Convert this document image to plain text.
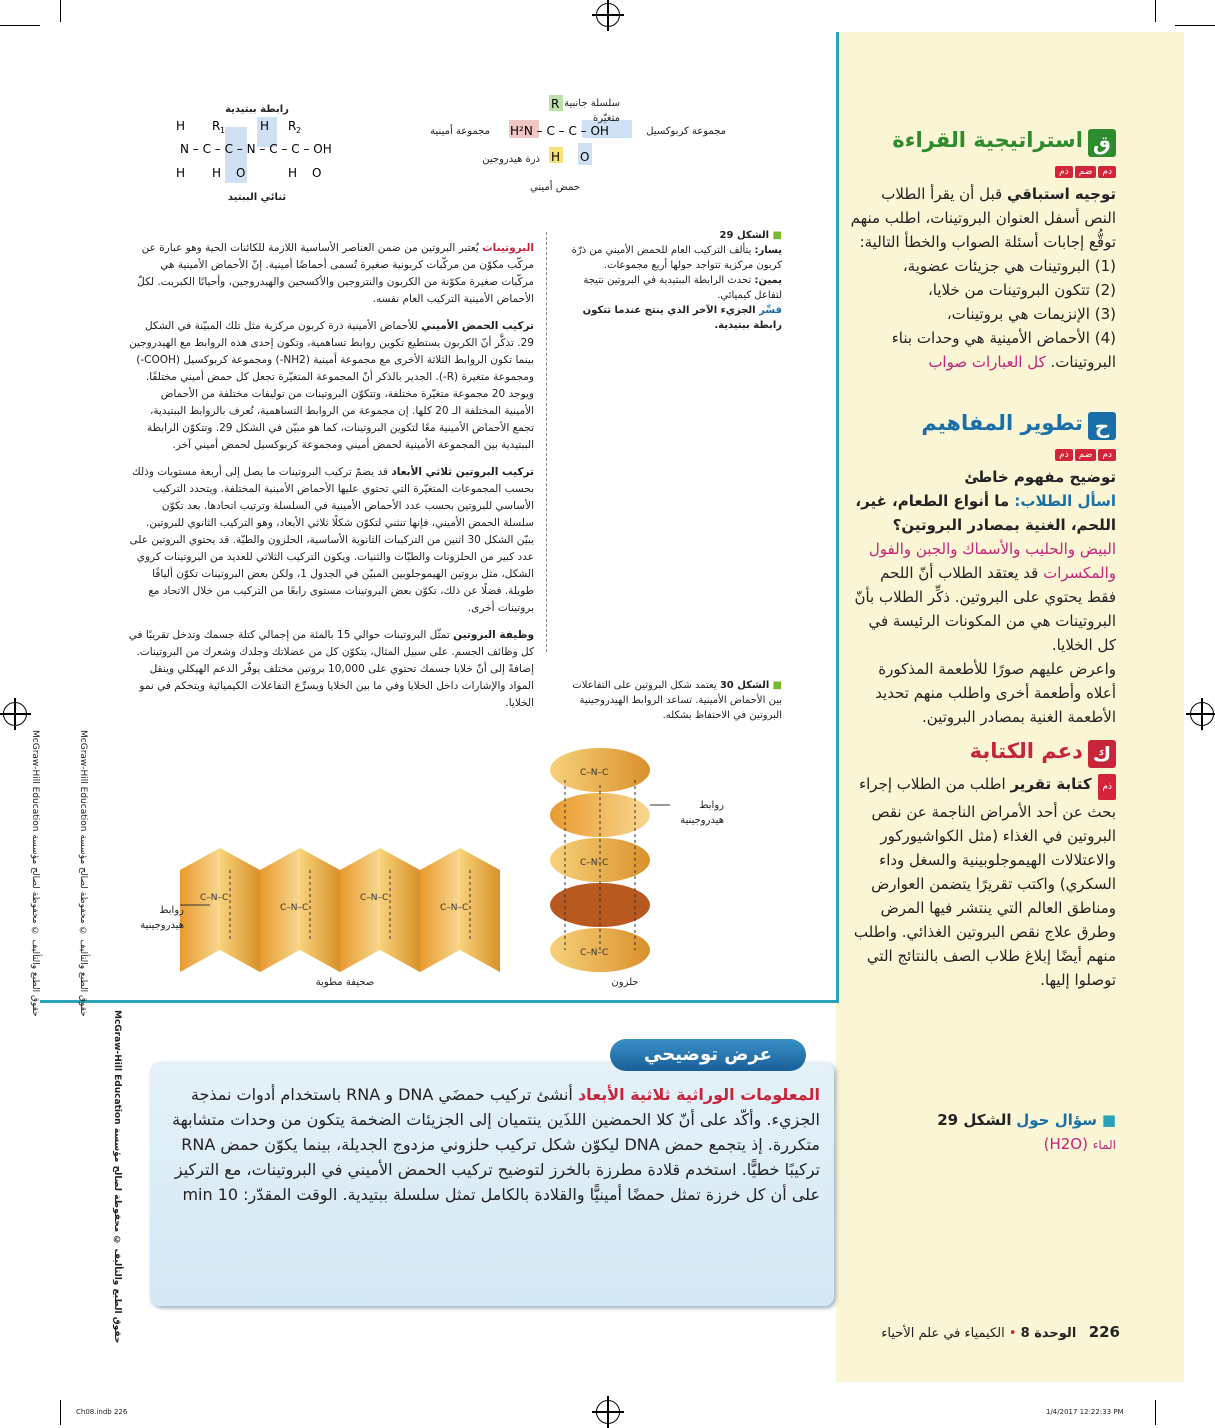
ق استراتيجية القراءة
دمضمذم
توجيه استباقي قبل أن يقرأ الطلاب النص أسفل العنوان البروتينات، اطلب منهم توقُّع إجابات أسئلة الصواب والخطأ التالية:
(1) البروتينات هي جزيئات عضوية،
(2) تتكون البروتينات من خلايا،
(3) الإنزيمات هي بروتينات،
(4) الأحماض الأمينية هي وحدات بناء البروتينات. كل العبارات صواب
ح تطوير المفاهيم
دمضمذم
توضيح مفهوم خاطئ
اسأل الطلاب: ما أنواع الطعام، غير، اللحم، الغنية بمصادر البروتين؟
البيض والحليب والأسماك والجبن والفول والمكسرات قد يعتقد الطلاب أنّ اللحم فقط يحتوي على البروتين. ذكِّر الطلاب بأنّ البروتينات هي من المكونات الرئيسة في كل الخلايا.
واعرض عليهم صورًا للأطعمة المذكورة أعلاه وأطعمة أخرى واطلب منهم تحديد الأطعمة الغنية بمصادر البروتين.
ك دعم الكتابة
ذم كتابة تقرير اطلب من الطلاب إجراء بحث عن أحد الأمراض الناجمة عن نقص البروتين في الغذاء (مثل الكواشيوركور والاعتلالات الهيموجلوبينية والسغل وداء السكري) واكتب تقريرًا يتضمن العوارض ومناطق العالم التي ينتشر فيها المرض وطرق علاج نقص البروتين الغذائي. واطلب منهم أيضًا إبلاغ طلاب الصف بالنتائج التي توصلوا إليها.
■ سؤال حول الشكل 29
الماء (H2O)
H R 1	H R 2
N – C – C – N – C – C – OH
H H O	H O
R
H²N – C – C – OH
H O
رابطة ببتيدية
ثنائي الببتيد
سلسلة جانبية متغيّرة
مجموعة أمينية	مجموعة كربوكسيل
ذرة هيدروجين
حمض أميني
■ الشكل 29
يسار: يتألف التركيب العام للحمض الأميني من ذرّة كربون مركزية تتواجد حولها أربع مجموعات.
يمين: تحدث الرابطة الببتيدية في البروتين نتيجة لتفاعل كيميائي.
فسِّر الجزيء الآخر الذي ينتج عندما تتكون رابطة ببتيدية.

البروتينات يُعتبر البروتين من ضمن العناصر الأساسية اللازمة للكائنات الحية وهو عبارة عن مركّب مكوّن من مركّبات كربونية صغيرة تُسمى أحماضًا أمينية. إنّ الأحماض الأمينية هي مركّبات صغيرة مكوّنة من الكربون والنتروجين والأكسجين والهيدروجين، وأحيانًا الكبريت. لكلّ الأحماض الأمينية التركيب العام نفسه.

تركيب الحمض الأميني للأحماض الأمينية ذرة كربون مركزية مثل تلك المبيّنة في الشكل 29. تذكَّر أنّ الكربون يستطيع تكوين روابط تساهمية، وتكون إحدى هذه الروابط مع الهيدروجين بينما تكون الروابط الثلاثة الأخرى مع مجموعة أمينية (NH2-) ومجموعة كربوكسيل (COOH-) ومجموعة متغيرة (R-). الجدير بالذكر أنّ المجموعة المتغيّرة تجعل كل حمض أميني مختلفًا. ويوجد 20 مجموعة متغيّرة مختلفة، وتتكوّن البروتينات من توليفات مختلفة من الأحماض الأمينية المختلفة الـ 20 كلها. إن مجموعة من الروابط التساهمية، تُعرف بالروابط الببتيدية، تجمع الأحماض الأمينية معًا لتكوين البروتينات، كما هو مبيّن في الشكل 29. وتتكوّن الرابطة الببتيدية بين المجموعة الأمينية لحمض أميني ومجموعة كربوكسيل لحمض أميني آخر.

تركيب البروتين ثلاثي الأبعاد قد يضمّ تركيب البروتينات ما يصل إلى أربعة مستويات وذلك بحسب المجموعات المتغيّرة التي تحتوي عليها الأحماض الأمينية المختلفة. ويتحدد التركيب الأساسي للبروتين بحسب عدد الأحماض الأمينية في السلسلة وترتيب اتحادها. بعد تكوّن سلسلة الحمض الأميني، فإنها تنثني لتكوّن شكلًا ثلاثي الأبعاد، وهو التركيب الثانوي للبروتين. يبيّن الشكل 30 اثنين من التركيبات الثانوية الأساسية، الحلزون والطيّة. قد يحتوي البروتين على عدد كبير من الحلزونات والطيّات والثنيات. ويكون التركيب الثلاثي للعديد من البروتينات كروي الشكل، مثل بروتين الهيموجلوبين المبيّن في الجدول 1، ولكن بعض البروتينات تكوّن أليافًا طويلة. فضلًا عن ذلك، تكوّن بعض البروتينات مستوى رابعًا من التركيب من خلال الاتحاد مع بروتينات أخرى.

وظيفة البروتين تمثّل البروتينات حوالي 15 بالمئة من إجمالي كتلة جسمك وتدخل تقريبًا في كل وظائف الجسم. على سبيل المثال، يتكوّن كل من عضلاتك وجلدك وشعرك من البروتينات. إضافةً إلى أنّ خلايا جسمك تحتوي على 10,000 بروتين مختلف يوفّر الدعم الهيكلي وينقل المواد والإشارات داخل الخلايا وفي ما بين الخلايا ويسرِّع التفاعلات الكيميائية ويتحكم في نمو الخلايا.

■ الشكل 30 يعتمد شكل البروتين على التفاعلات بين الأحماض الأمينية. تساعد الروابط الهيدروجينية البروتين في الاحتفاظ بشكله.
C–N–C
C–N–C
C–N–C
C–N–C
C–N–C
C–N–C
C–N–C
روابط هيدروجينية
روابط هيدروجينية
حلزون
صحيفة مطوية
عرض توضيحي
المعلومات الوراثية ثلاثية الأبعاد أنشئ تركيب حمضَي DNA و RNA باستخدام أدوات نمذجة الجزيء. وأكّد على أنّ كلا الحمضين اللذَين ينتميان إلى الجزيئات الضخمة يتكون من وحدات متشابهة متكررة. إذ يتجمع حمض DNA ليكوّن شكل تركيب حلزوني مزدوج الجديلة، بينما يكوّن حمض RNA تركيبًا خطيًّا. استخدم قلادة مطرزة بالخرز لتوضيح تركيب الحمض الأميني في البروتينات، مع التركيز على أن كل خرزة تمثل حمضًا أمينيًّا والقلادة بالكامل تمثل سلسلة ببتيدية. الوقت المقدّر: 10 min
McGraw-Hill Education حقوق الطبع والتأليف © محفوظة لصالح مؤسسة
McGraw-Hill Education حقوق الطبع والتأليف © محفوظة لصالح مؤسسة
McGraw-Hill Education حقوق الطبع والتأليف © محفوظة لصالح مؤسسة	226   الوحدة 8 • الكيمياء في علم الأحياء
Ch08.indb 226	1/4/2017 12:22:33 PM
